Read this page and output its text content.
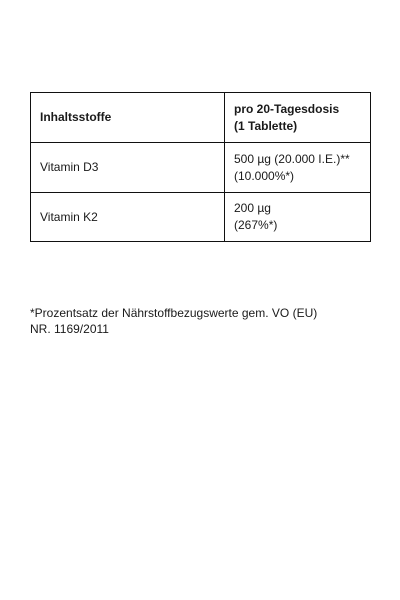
Inhaltsstoffe	pro 20-Tagesdosis
(1 Tablette)

Vitamin D3	500 µg (20.000 I.E.)**
(10.000%*)

Vitamin K2	200 µg
(267%*)

*Prozentsatz der Nährstoffbezugswerte gem. VO (EU)
NR. 1169/2011
